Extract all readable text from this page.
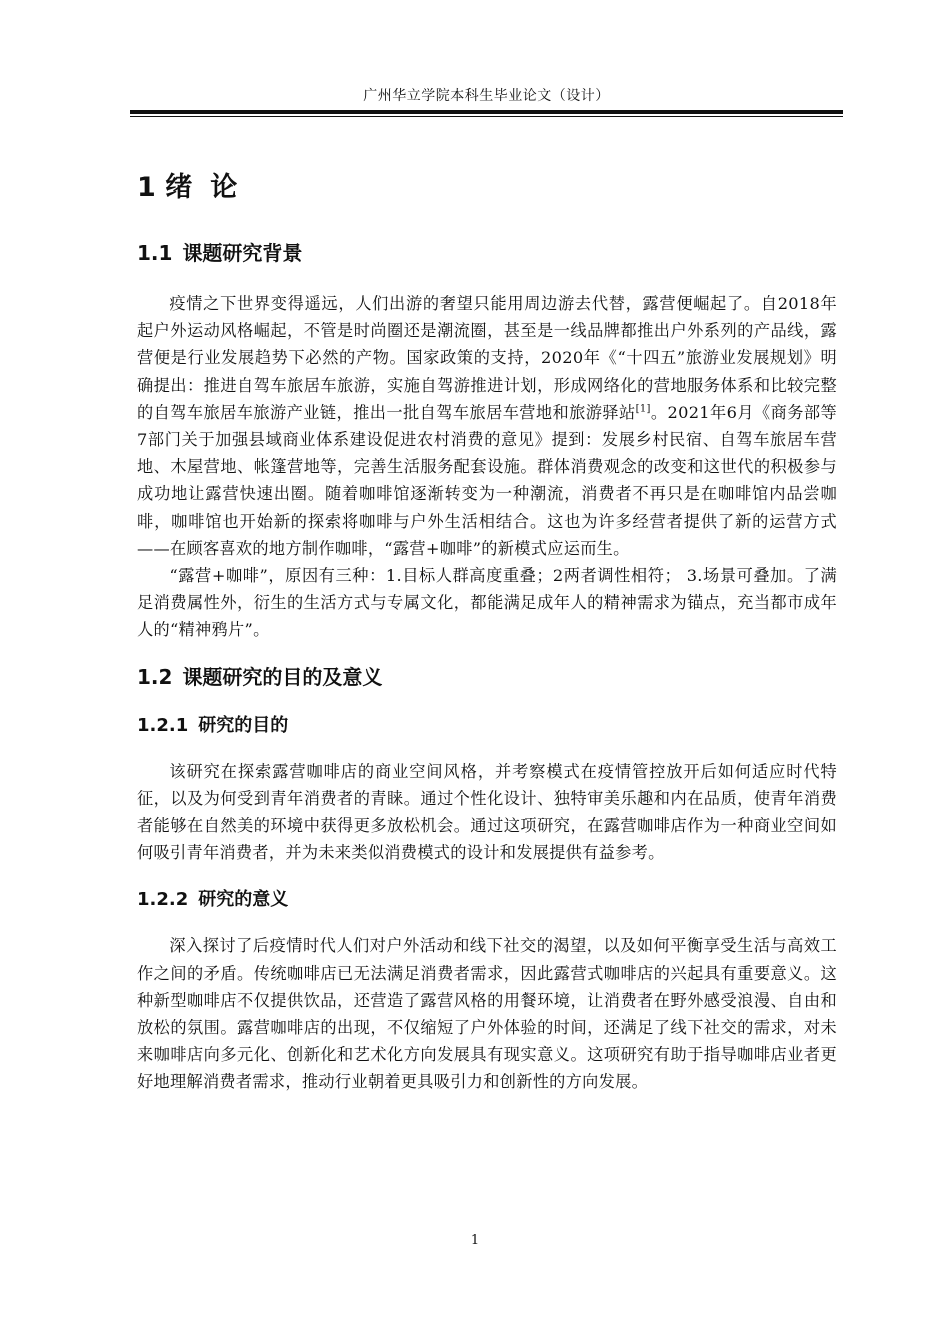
广州华立学院本科生毕业论文（设计）
1 绪论
1.1 课题研究背景

疫情之下世界变得遥远，人们出游的奢望只能用周边游去代替，露营便崛起了。自2018年起户外运动风格崛起，不管是时尚圈还是潮流圈，甚至是一线品牌都推出户外系列的产品线，露营便是行业发展趋势下必然的产物。国家政策的支持，2020年《“十四五”旅游业发展规划》明确提出：推进自驾车旅居车旅游，实施自驾游推进计划，形成网络化的营地服务体系和比较完整的自驾车旅居车旅游产业链，推出一批自驾车旅居车营地和旅游驿站[1]。2021年6月《商务部等7部门关于加强县域商业体系建设促进农村消费的意见》提到：发展乡村民宿、自驾车旅居车营地、木屋营地、帐篷营地等，完善生活服务配套设施。群体消费观念的改变和这世代的积极参与成功地让露营快速出圈。随着咖啡馆逐渐转变为一种潮流，消费者不再只是在咖啡馆内品尝咖啡，咖啡馆也开始新的探索将咖啡与户外生活相结合。这也为许多经营者提供了新的运营方式——在顾客喜欢的地方制作咖啡，“露营+咖啡”的新模式应运而生。

“露营+咖啡”，原因有三种：1.目标人群高度重叠；2两者调性相符； 3.场景可叠加。了满足消费属性外，衍生的生活方式与专属文化，都能满足成年人的精神需求为锚点，充当都市成年人的“精神鸦片”。

1.2 课题研究的目的及意义
1.2.1 研究的目的

该研究在探索露营咖啡店的商业空间风格，并考察模式在疫情管控放开后如何适应时代特征，以及为何受到青年消费者的青睐。通过个性化设计、独特审美乐趣和内在品质，使青年消费者能够在自然美的环境中获得更多放松机会。通过这项研究，在露营咖啡店作为一种商业空间如何吸引青年消费者，并为未来类似消费模式的设计和发展提供有益参考。

1.2.2 研究的意义

深入探讨了后疫情时代人们对户外活动和线下社交的渴望，以及如何平衡享受生活与高效工作之间的矛盾。传统咖啡店已无法满足消费者需求，因此露营式咖啡店的兴起具有重要意义。这种新型咖啡店不仅提供饮品，还营造了露营风格的用餐环境，让消费者在野外感受浪漫、自由和放松的氛围。露营咖啡店的出现，不仅缩短了户外体验的时间，还满足了线下社交的需求，对未来咖啡店向多元化、创新化和艺术化方向发展具有现实意义。这项研究有助于指导咖啡店业者更好地理解消费者需求，推动行业朝着更具吸引力和创新性的方向发展。

1
